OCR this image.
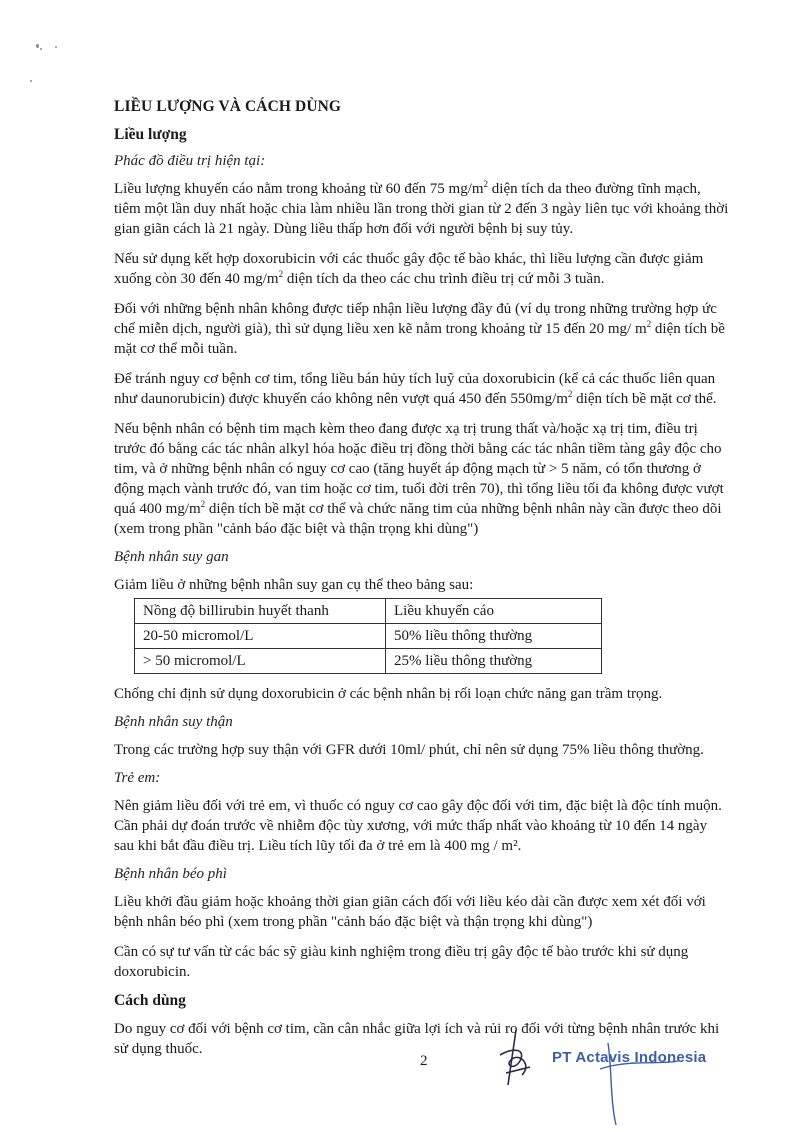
LIỀU LƯỢNG VÀ CÁCH DÙNG
Liều lượng
Phác đồ điều trị hiện tại:

Liều lượng khuyến cáo nằm trong khoảng từ 60 đến 75 $mg/m^2$ diện tích da theo đường tĩnh mạch, tiêm một lần duy nhất hoặc chia làm nhiều lần trong thời gian từ 2 đến 3 ngày liên tục với khoảng thời gian giãn cách là 21 ngày. Dùng liều thấp hơn đối với người bệnh bị suy tủy.

Nếu sử dụng kết hợp doxorubicin với các thuốc gây độc tế bào khác, thì liều lượng cần được giảm xuống còn 30 đến 40 $mg/m^2$ diện tích da theo các chu trình điều trị cứ mỗi 3 tuần.

Đối với những bệnh nhân không được tiếp nhận liều lượng đầy đủ (ví dụ trong những trường hợp ức chế miễn dịch, người già), thì sử dụng liều xen kẽ nằm trong khoảng từ 15 đến 20 mg/ $m^2$ diện tích bề mặt cơ thể mỗi tuần.

Để tránh nguy cơ bệnh cơ tim, tổng liều bán hủy tích luỹ của doxorubicin (kể cả các thuốc liên quan như daunorubicin) được khuyến cáo không nên vượt quá 450 đến $550mg/m^2$ diện tích bề mặt cơ thể.

Nếu bệnh nhân có bệnh tim mạch kèm theo đang được xạ trị trung thất và/hoặc xạ trị tim, điều trị trước đó bằng các tác nhân alkyl hóa hoặc điều trị đồng thời bằng các tác nhân tiềm tàng gây độc cho tim, và ở những bệnh nhân có nguy cơ cao (tăng huyết áp động mạch từ > 5 năm, có tổn thương ở động mạch vành trước đó, van tim hoặc cơ tim, tuổi đời trên 70), thì tổng liều tối đa không được vượt quá 400 $mg/m^2$ diện tích bề mặt cơ thể và chức năng tim của những bệnh nhân này cần được theo dõi (xem trong phần "cảnh báo đặc biệt và thận trọng khi dùng")

Bệnh nhân suy gan

Giảm liều ở những bệnh nhân suy gan cụ thể theo bảng sau:

Nồng độ billirubin huyết thanh	Liều khuyến cáo
20-50 micromol/L	50% liều thông thường
> 50 micromol/L	25% liều thông thường

Chống chỉ định sử dụng doxorubicin ở các bệnh nhân bị rối loạn chức năng gan trầm trọng.

Bệnh nhân suy thận

Trong các trường hợp suy thận với GFR dưới 10ml/ phút, chỉ nên sử dụng 75% liều thông thường.

Trẻ em:

Nên giảm liều đối với trẻ em, vì thuốc có nguy cơ cao gây độc đối với tim, đặc biệt là độc tính muộn. Cần phải dự đoán trước về nhiễm độc tùy xương, với mức thấp nhất vào khoảng từ 10 đến 14 ngày sau khi bắt đầu điều trị. Liều tích lũy tối đa ở trẻ em là 400 mg / m².

Bệnh nhân béo phì

Liều khởi đầu giảm hoặc khoảng thời gian giãn cách đối với liều kéo dài cần được xem xét đối với bệnh nhân béo phì (xem trong phần "cảnh báo đặc biệt và thận trọng khi dùng")

Cần có sự tư vấn từ các bác sỹ giàu kinh nghiệm trong điều trị gây độc tế bào trước khi sử dụng doxorubicin.

Cách dùng

Do nguy cơ đối với bệnh cơ tim, cần cân nhắc giữa lợi ích và rủi ro đối với từng bệnh nhân trước khi sử dụng thuốc.

2	PT Actavis Indonesia
